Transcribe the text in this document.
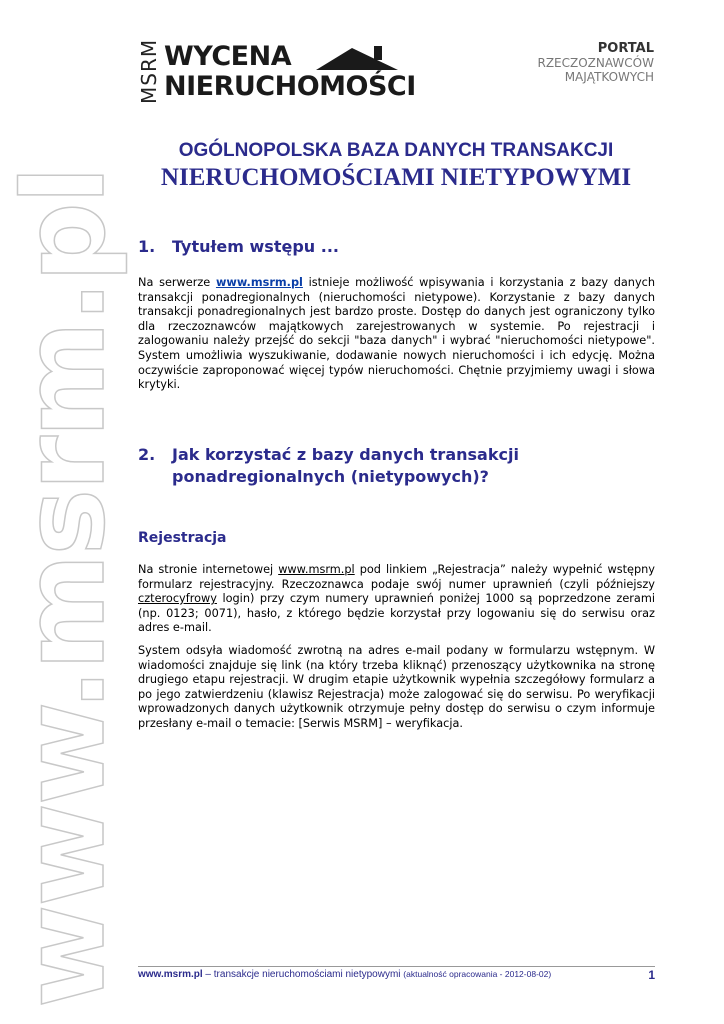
www.msrm.pl
MSRM WYCENA
NIERUCHOMOŚCI
PORTAL
RZECZOZNAWCÓW
MAJĄTKOWYCH
OGÓLNOPOLSKA BAZA DANYCH TRANSAKCJI
NIERUCHOMOŚCIAMI NIETYPOWYMI
1. Tytułem wstępu ...
Na serwerze www.msrm.pl istnieje możliwość wpisywania i korzystania z bazy danych transakcji ponadregionalnych (nieruchomości nietypowe). Korzystanie z bazy danych transakcji ponadregionalnych jest bardzo proste. Dostęp do danych jest ograniczony tylko dla rzeczoznawców majątkowych zarejestrowanych w systemie. Po rejestracji i zalogowaniu należy przejść do sekcji "baza danych" i wybrać "nieruchomości nietypowe". System umożliwia wyszukiwanie, dodawanie nowych nieruchomości i ich edycję. Można oczywiście zaproponować więcej typów nieruchomości. Chętnie przyjmiemy uwagi i słowa krytyki.
2. Jak korzystać z bazy danych transakcji
ponadregionalnych (nietypowych)?
Rejestracja
Na stronie internetowej www.msrm.pl pod linkiem „Rejestracja” należy wypełnić wstępny formularz rejestracyjny. Rzeczoznawca podaje swój numer uprawnień (czyli późniejszy czterocyfrowy login) przy czym numery uprawnień poniżej 1000 są poprzedzone zerami (np. 0123; 0071), hasło, z którego będzie korzystał przy logowaniu się do serwisu oraz adres e-mail.
System odsyła wiadomość zwrotną na adres e-mail podany w formularzu wstępnym. W wiadomości znajduje się link (na który trzeba kliknąć) przenoszący użytkownika na stronę drugiego etapu rejestracji. W drugim etapie użytkownik wypełnia szczegółowy formularz a po jego zatwierdzeniu (klawisz Rejestracja) może zalogować się do serwisu. Po weryfikacji wprowadzonych danych użytkownik otrzymuje pełny dostęp do serwisu o czym informuje przesłany e-mail o temacie: [Serwis MSRM] – weryfikacja.
www.msrm.pl – transakcje nieruchomościami nietypowymi (aktualność opracowania - 2012-08-02)	1
